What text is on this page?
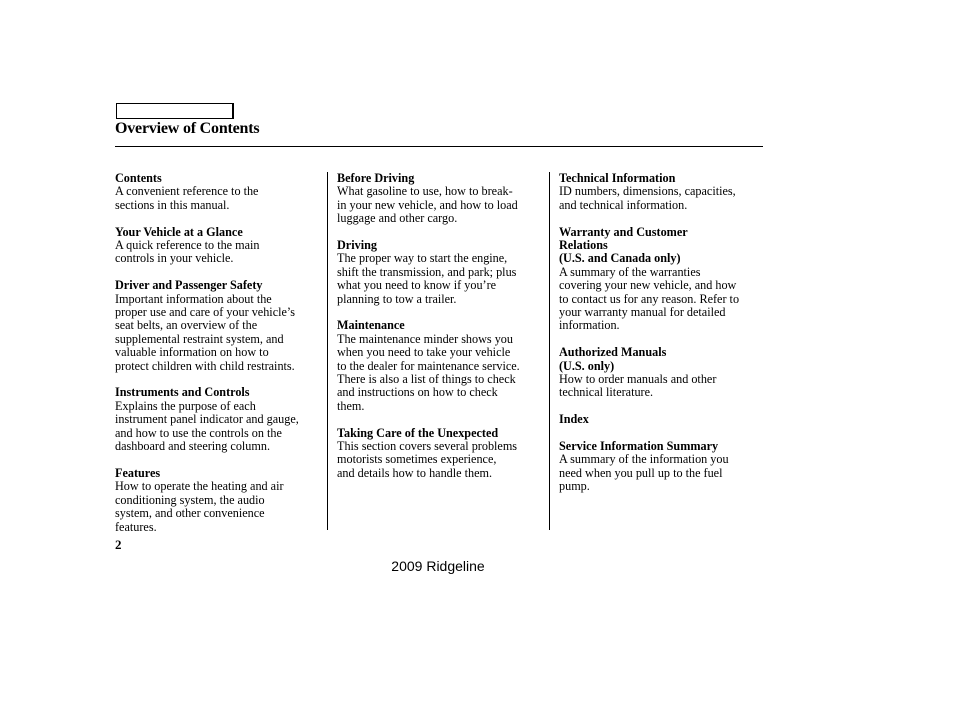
Overview of Contents
Contents
A convenient reference to the
sections in this manual.
Your Vehicle at a Glance
A quick reference to the main
controls in your vehicle.
Driver and Passenger Safety
Important information about the
proper use and care of your vehicle’s
seat belts, an overview of the
supplemental restraint system, and
valuable information on how to
protect children with child restraints.
Instruments and Controls
Explains the purpose of each
instrument panel indicator and gauge,
and how to use the controls on the
dashboard and steering column.
Features
How to operate the heating and air
conditioning system, the audio
system, and other convenience
features.
Before Driving
What gasoline to use, how to break-
in your new vehicle, and how to load
luggage and other cargo.
Driving
The proper way to start the engine,
shift the transmission, and park; plus
what you need to know if you’re
planning to tow a trailer.
Maintenance
The maintenance minder shows you
when you need to take your vehicle
to the dealer for maintenance service.
There is also a list of things to check
and instructions on how to check
them.
Taking Care of the Unexpected
This section covers several problems
motorists sometimes experience,
and details how to handle them.
Technical Information
ID numbers, dimensions, capacities,
and technical information.
Warranty and Customer
Relations
(U.S. and Canada only)
A summary of the warranties
covering your new vehicle, and how
to contact us for any reason. Refer to
your warranty manual for detailed
information.
Authorized Manuals
(U.S. only)
How to order manuals and other
technical literature.
Index
Service Information Summary
A summary of the information you
need when you pull up to the fuel
pump.
2
2009 Ridgeline
